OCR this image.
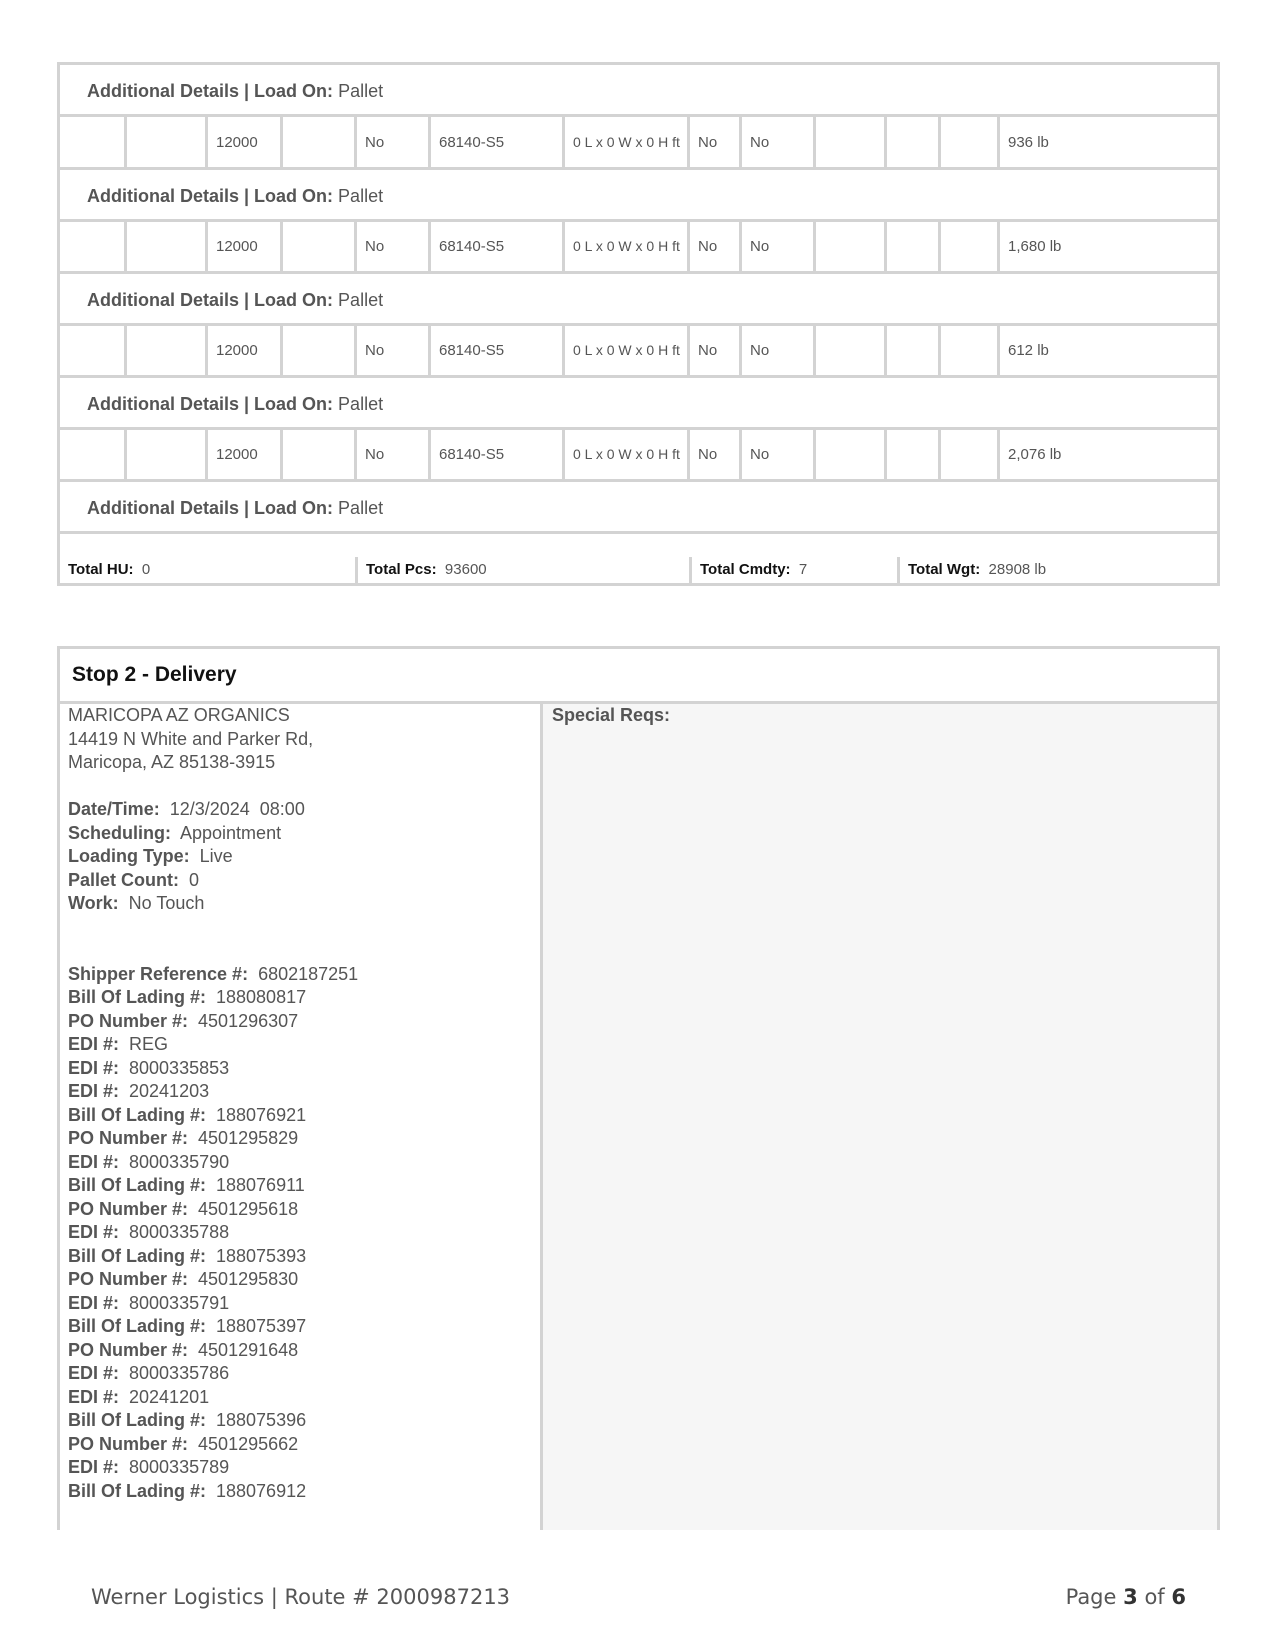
Additional Details | Load On: Pallet
12000	No	68140-S5	0 L x 0 W x 0 H ft	No	No	936 lb
Additional Details | Load On: Pallet
12000	No	68140-S5	0 L x 0 W x 0 H ft	No	No	1,680 lb
Additional Details | Load On: Pallet
12000	No	68140-S5	0 L x 0 W x 0 H ft	No	No	612 lb
Additional Details | Load On: Pallet
12000	No	68140-S5	0 L x 0 W x 0 H ft	No	No	2,076 lb
Additional Details | Load On: Pallet
Total HU: 0	Total Pcs: 93600	Total Cmdty: 7	Total Wgt: 28908 lb
Stop 2 - Delivery
MARICOPA AZ ORGANICS
14419 N White and Parker Rd,
Maricopa, AZ 85138-3915
Date/Time:  12/3/2024  08:00
Scheduling:  Appointment
Loading Type:  Live
Pallet Count:  0
Work:  No Touch
Shipper Reference #:  6802187251
Bill Of Lading #:  188080817
PO Number #:  4501296307
EDI #:  REG
EDI #:  8000335853
EDI #:  20241203
Bill Of Lading #:  188076921
PO Number #:  4501295829
EDI #:  8000335790
Bill Of Lading #:  188076911
PO Number #:  4501295618
EDI #:  8000335788
Bill Of Lading #:  188075393
PO Number #:  4501295830
EDI #:  8000335791
Bill Of Lading #:  188075397
PO Number #:  4501291648
EDI #:  8000335786
EDI #:  20241201
Bill Of Lading #:  188075396
PO Number #:  4501295662
EDI #:  8000335789
Bill Of Lading #:  188076912
Special Reqs:
Werner Logistics | Route # 2000987213	Page 3 of 6
